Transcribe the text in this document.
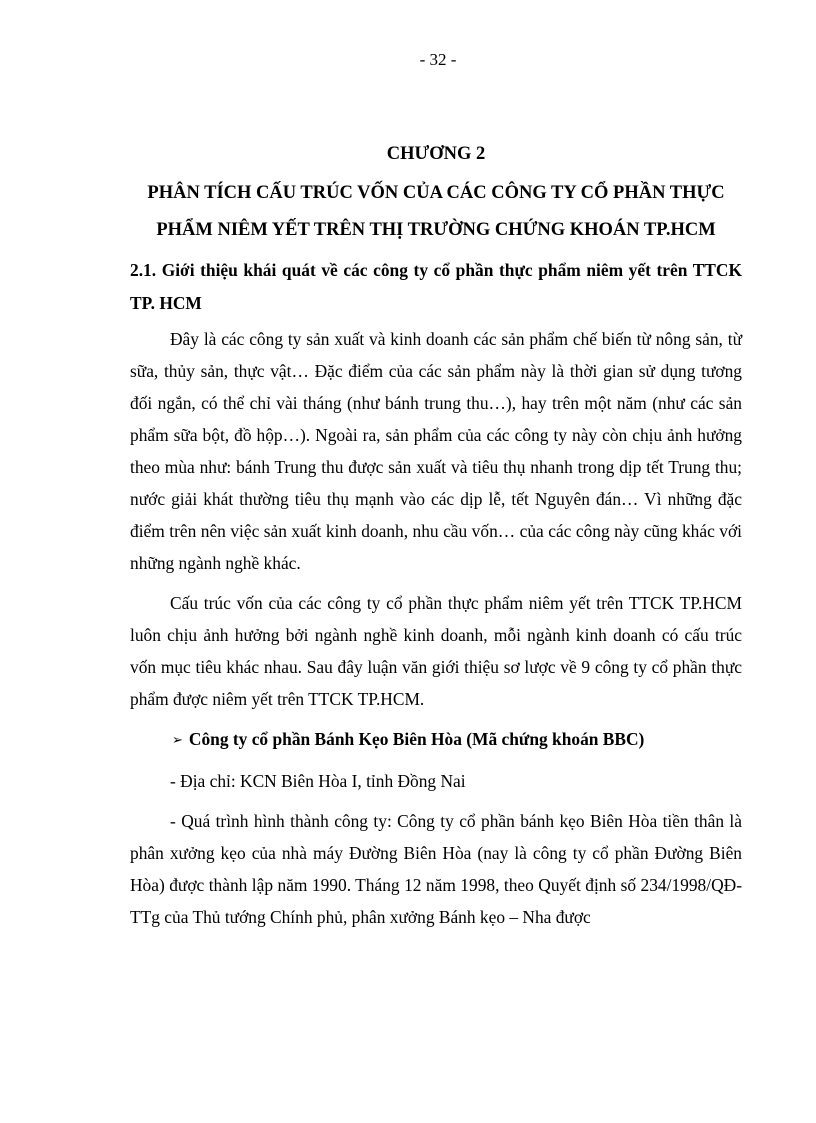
- 32 -
CHƯƠNG 2
PHÂN TÍCH CẤU TRÚC VỐN CỦA CÁC CÔNG TY CỔ PHẦN THỰC PHẨM NIÊM YẾT TRÊN THỊ TRƯỜNG CHỨNG KHOÁN TP.HCM
2.1. Giới thiệu khái quát về các công ty cổ phần thực phẩm niêm yết trên TTCK TP. HCM

Đây là các công ty sản xuất và kinh doanh các sản phẩm chế biến từ nông sản, từ sữa, thủy sản, thực vật… Đặc điểm của các sản phẩm này là thời gian sử dụng tương đối ngắn, có thể chỉ vài tháng (như bánh trung thu…), hay trên một năm (như các sản phẩm sữa bột, đồ hộp…). Ngoài ra, sản phẩm của các công ty này còn chịu ảnh hưởng theo mùa như: bánh Trung thu được sản xuất và tiêu thụ nhanh trong dịp tết Trung thu; nước giải khát thường tiêu thụ mạnh vào các dịp lễ, tết Nguyên đán… Vì những đặc điểm trên nên việc sản xuất kinh doanh, nhu cầu vốn… của các công này cũng khác với những ngành nghề khác.

Cấu trúc vốn của các công ty cổ phần thực phẩm niêm yết trên TTCK TP.HCM luôn chịu ảnh hưởng bởi ngành nghề kinh doanh, mỗi ngành kinh doanh có cấu trúc vốn mục tiêu khác nhau. Sau đây luận văn giới thiệu sơ lược về 9 công ty cổ phần thực phẩm được niêm yết trên TTCK TP.HCM.

➢ Công ty cổ phần Bánh Kẹo Biên Hòa (Mã chứng khoán BBC)

- Địa chỉ: KCN Biên Hòa I, tỉnh Đồng Nai

- Quá trình hình thành công ty: Công ty cổ phần bánh kẹo Biên Hòa tiền thân là phân xưởng kẹo của nhà máy Đường Biên Hòa (nay là công ty cổ phần Đường Biên Hòa) được thành lập năm 1990. Tháng 12 năm 1998, theo Quyết định số 234/1998/QĐ-TTg của Thủ tướng Chính phủ, phân xưởng Bánh kẹo – Nha được
